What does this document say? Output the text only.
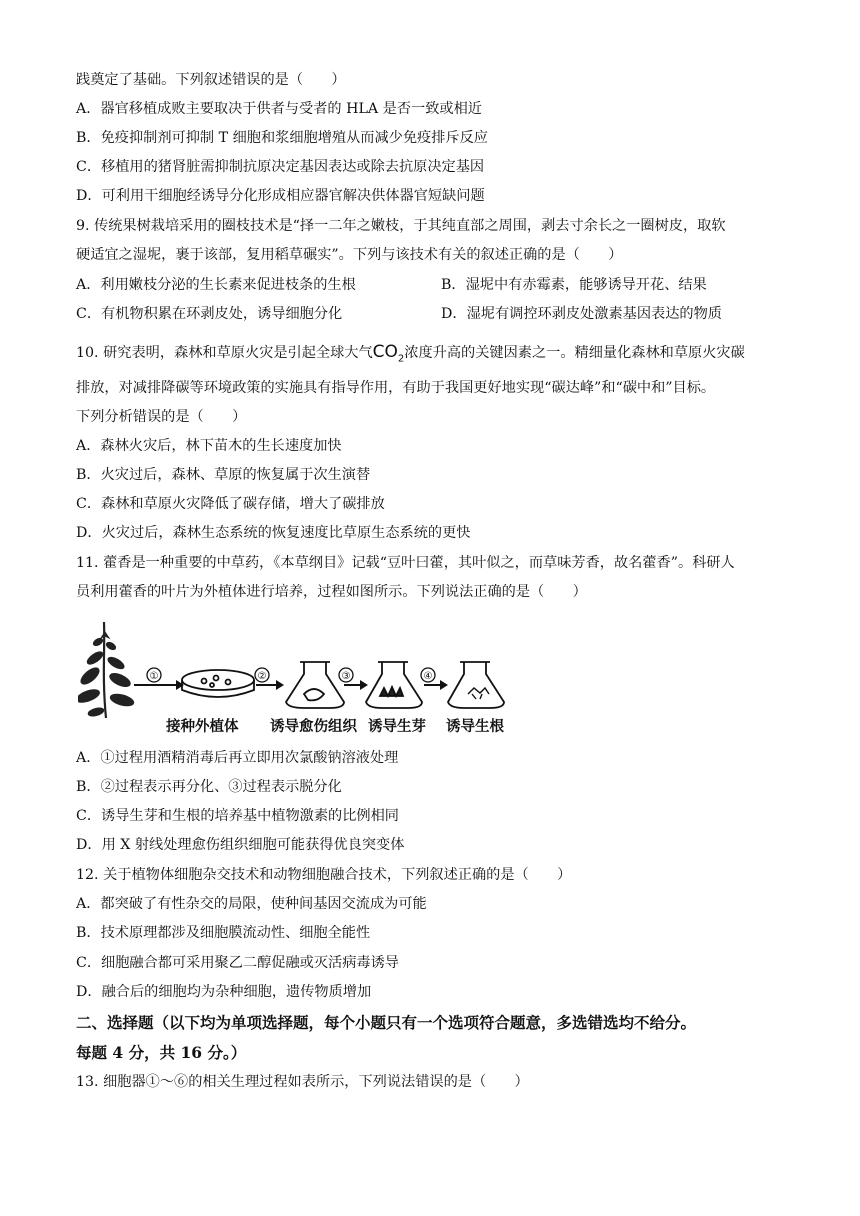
践奠定了基础。下列叙述错误的是（　　）
A．器官移植成败主要取决于供者与受者的 HLA 是否一致或相近
B．免疫抑制剂可抑制 T 细胞和浆细胞增殖从而减少免疫排斥反应
C．移植用的猪肾脏需抑制抗原决定基因表达或除去抗原决定基因
D．可利用干细胞经诱导分化形成相应器官解决供体器官短缺问题
9. 传统果树栽培采用的圈枝技术是“择一二年之嫩枝，于其纯直部之周围，剥去寸余长之一圈树皮，取软
硬适宜之湿坭，裹于该部，复用稻草碾实”。下列与该技术有关的叙述正确的是（　　）
A．利用嫩枝分泌的生长素来促进枝条的生根	B．湿坭中有赤霉素，能够诱导开花、结果
C．有机物积累在环剥皮处，诱导细胞分化	D．湿坭有调控环剥皮处激素基因表达的物质
10. 研究表明，森林和草原火灾是引起全球大气$CO_2$浓度升高的关键因素之一。精细量化森林和草原火灾碳
排放，对减排降碳等环境政策的实施具有指导作用，有助于我国更好地实现“碳达峰”和“碳中和”目标。
下列分析错误的是（　　）
A．森林火灾后，林下苗木的生长速度加快
B．火灾过后，森林、草原的恢复属于次生演替
C．森林和草原火灾降低了碳存储，增大了碳排放
D．火灾过后，森林生态系统的恢复速度比草原生态系统的更快
11. 藿香是一种重要的中草药，《本草纲目》记载“豆叶曰藿，其叶似之，而草味芳香，故名藿香”。科研人
员利用藿香的叶片为外植体进行培养，过程如图所示。下列说法正确的是（　　）
①	②	③	④
接种外植体 诱导愈伤组织 诱导生芽 诱导生根
A．①过程用酒精消毒后再立即用次氯酸钠溶液处理
B．②过程表示再分化、③过程表示脱分化
C．诱导生芽和生根的培养基中植物激素的比例相同
D．用 X 射线处理愈伤组织细胞可能获得优良突变体
12. 关于植物体细胞杂交技术和动物细胞融合技术，下列叙述正确的是（　　）
A．都突破了有性杂交的局限，使种间基因交流成为可能
B．技术原理都涉及细胞膜流动性、细胞全能性
C．细胞融合都可采用聚乙二醇促融或灭活病毒诱导
D．融合后的细胞均为杂种细胞，遗传物质增加
二、选择题（以下均为单项选择题，每个小题只有一个选项符合题意，多选错选均不给分。
每题 4 分，共 16 分。）
13. 细胞器①～⑥的相关生理过程如表所示，下列说法错误的是（　　）
